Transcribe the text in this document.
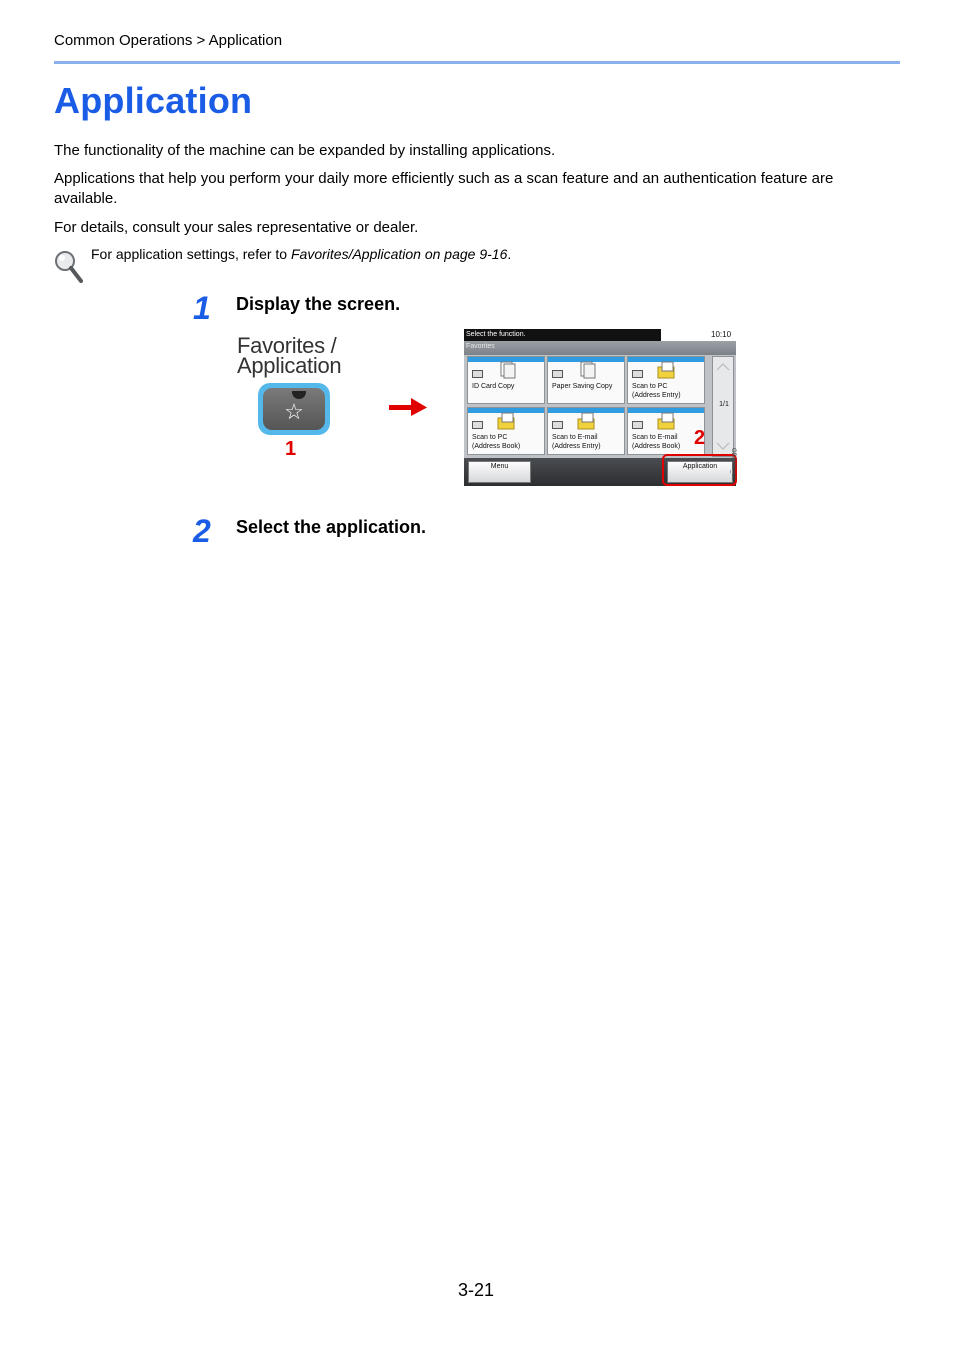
Common Operations > Application
Application
The functionality of the machine can be expanded by installing applications.
Applications that help you perform your daily more efficiently such as a scan feature and an authentication feature are available.
For details, consult your sales representative or dealer.
For application settings, refer to Favorites/Application on page 9-16.
1 Display the screen.
Favorites /
Application
☆
1
Select the function.	10:10
Favorites
ID Card Copy	Paper Saving Copy	Scan to PC
(Address Entry)
Scan to PC
(Address Book)
Scan to E-mail
(Address Entry)
Scan to E-mail
(Address Book)
1/1
Menu	Application
2
GB0038_00
2 Select the application.
3-21
